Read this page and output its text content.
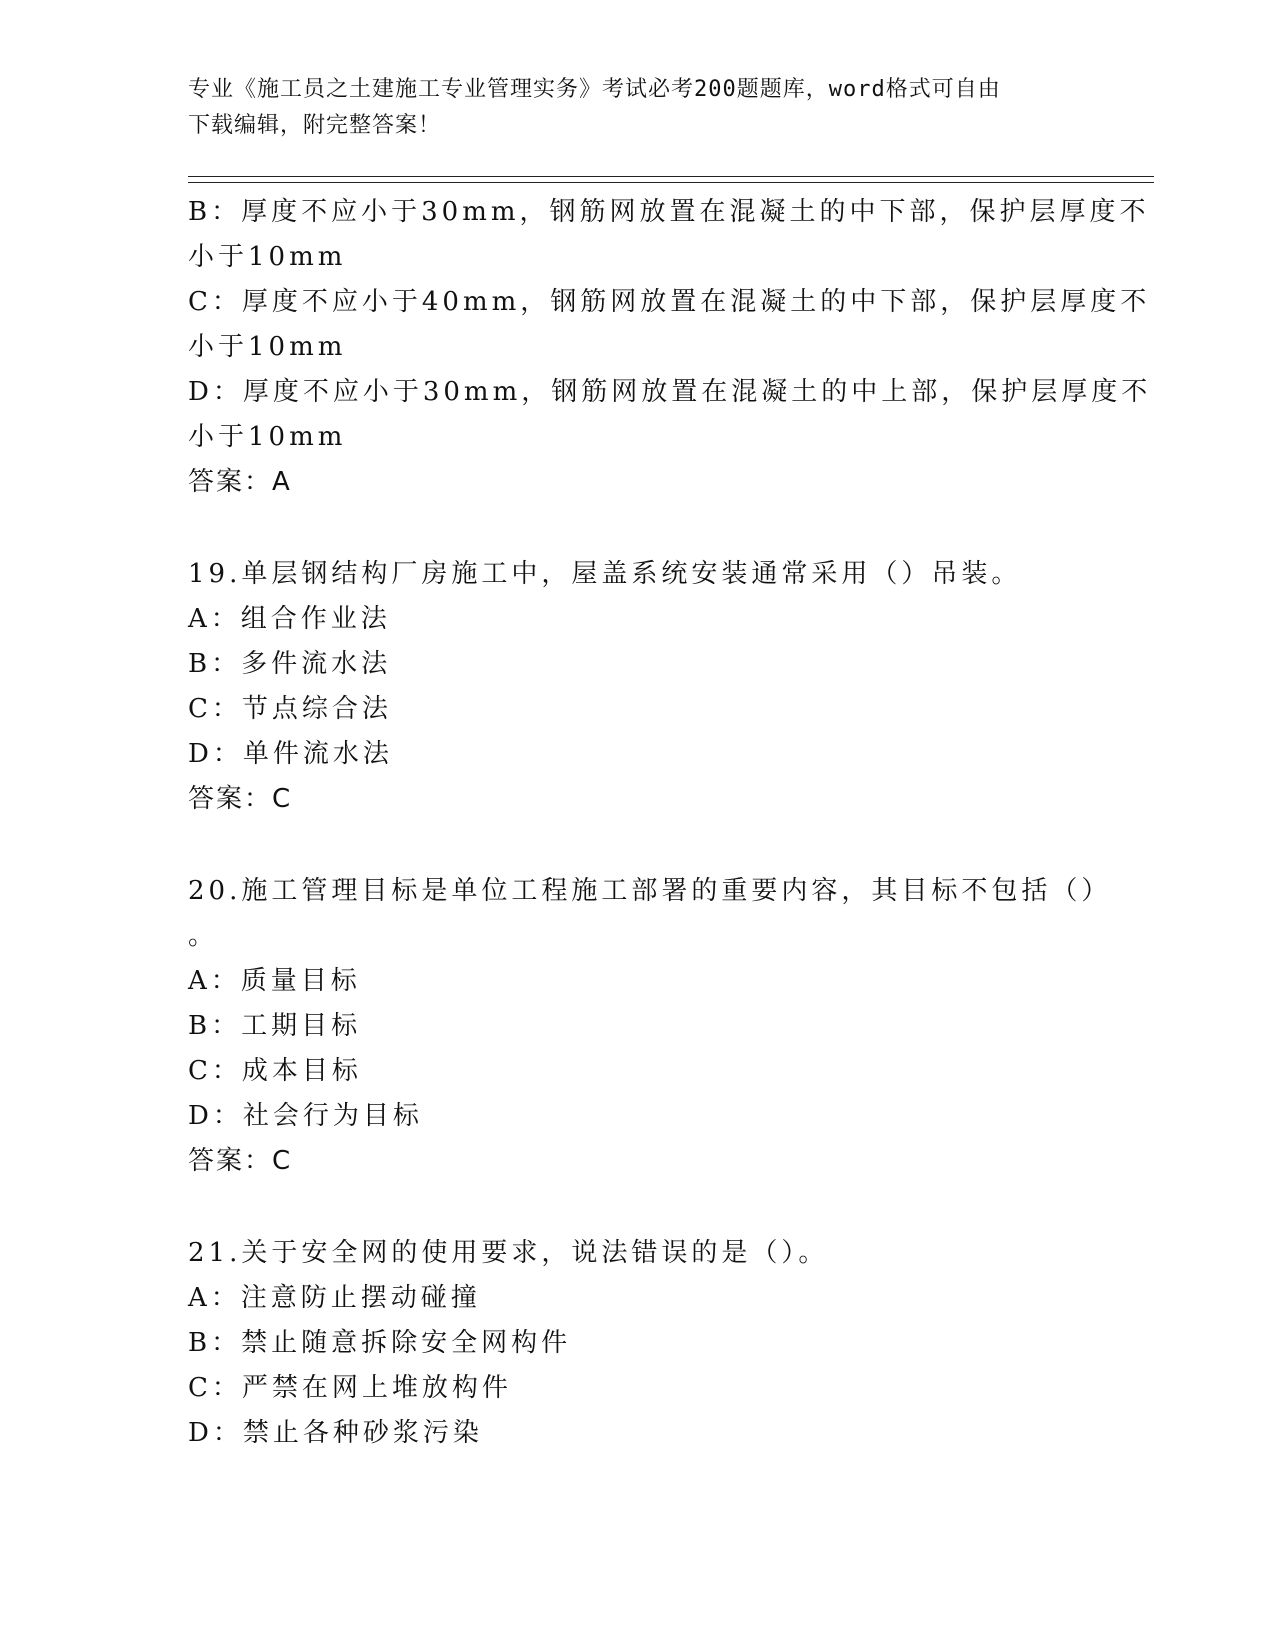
专业《施工员之土建施工专业管理实务》考试必考200题题库，word格式可自由
下载编辑，附完整答案！
B：厚度不应小于30mm，钢筋网放置在混凝土的中下部，保护层厚度不
小于10mm
C：厚度不应小于40mm，钢筋网放置在混凝土的中下部，保护层厚度不
小于10mm
D：厚度不应小于30mm，钢筋网放置在混凝土的中上部，保护层厚度不
小于10mm
答案：A
19.单层钢结构厂房施工中，屋盖系统安装通常采用（）吊装。
A：组合作业法
B：多件流水法
C：节点综合法
D：单件流水法
答案：C
20.施工管理目标是单位工程施工部署的重要内容，其目标不包括（）
。
A：质量目标
B：工期目标
C：成本目标
D：社会行为目标
答案：C
21.关于安全网的使用要求，说法错误的是（）。
A：注意防止摆动碰撞
B：禁止随意拆除安全网构件
C：严禁在网上堆放构件
D：禁止各种砂浆污染
